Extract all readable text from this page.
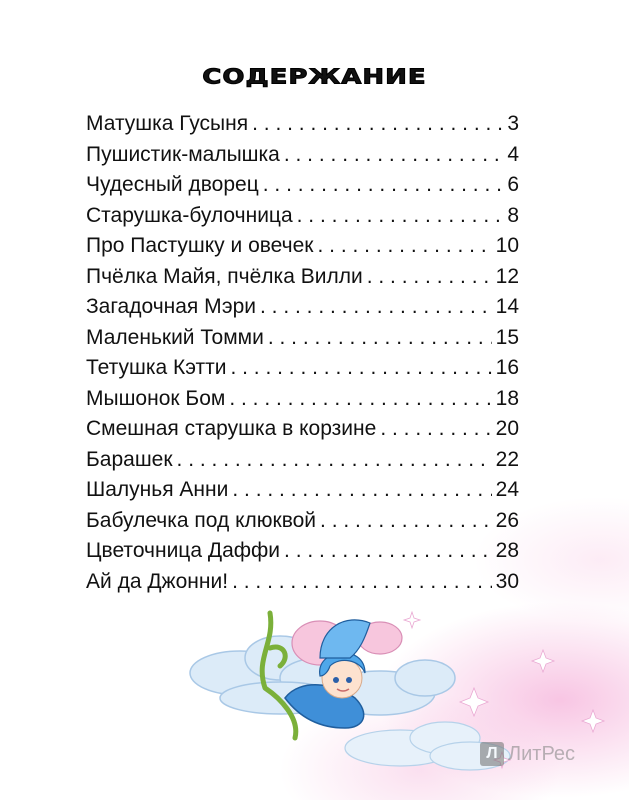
СОДЕРЖАНИЕ
Матушка Гусыня . . .	3
Пушистик-малышка . . .	4
Чудесный дворец . . .	6
Старушка-булочница . . .	8
Про Пастушку и овечек . . .	10
Пчёлка Майя, пчёлка Вилли . . .	12
Загадочная Мэри . . .	14
Маленький Томми . . .	15
Тетушка Кэтти . . .	16
Мышонок Бом . . .	18
Смешная старушка в корзине . . .	20
Барашек . . .	22
Шалунья Анни . . .	24
Бабулечка под клюквой . . .	26
Цветочница Даффи . . .	28
Ай да Джонни! . . .	30
Л ЛитРес
